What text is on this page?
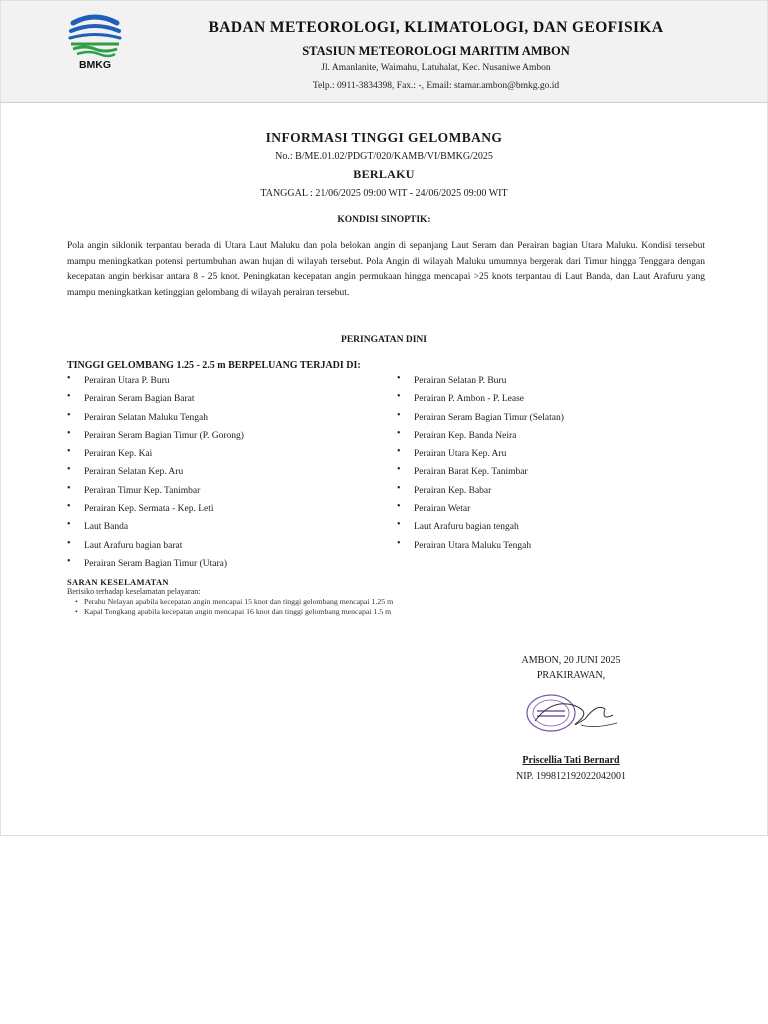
BMKG
BADAN METEOROLOGI, KLIMATOLOGI, DAN GEOFISIKA
STASIUN METEOROLOGI MARITIM AMBON
Jl. Amanlanite, Waimahu, Latuhalat, Kec. Nusaniwe Ambon
Telp.: 0911-3834398, Fax.: -, Email: stamar.ambon@bmkg.go.id
INFORMASI TINGGI GELOMBANG
No.: B/ME.01.02/PDGT/020/KAMB/VI/BMKG/2025
BERLAKU
TANGGAL : 21/06/2025 09:00 WIT - 24/06/2025 09:00 WIT
KONDISI SINOPTIK:
Pola angin siklonik terpantau berada di Utara Laut Maluku dan pola belokan angin di sepanjang Laut Seram dan Perairan bagian Utara Maluku. Kondisi tersebut mampu meningkatkan potensi pertumbuhan awan hujan di wilayah tersebut. Pola Angin di wilayah Maluku umumnya bergerak dari Timur hingga Tenggara dengan kecepatan angin berkisar antara 8 - 25 knot. Peningkatan kecepatan angin permukaan hingga mencapai >25 knots terpantau di Laut Banda, dan Laut Arafuru yang mampu meningkatkan ketinggian gelombang di wilayah perairan tersebut.
PERINGATAN DINI
TINGGI GELOMBANG 1.25 - 2.5 m BERPELUANG TERJADI DI:
• Perairan Utara P. Buru
• Perairan Seram Bagian Barat
• Perairan Selatan Maluku Tengah
• Perairan Seram Bagian Timur (P. Gorong)
• Perairan Kep. Kai
• Perairan Selatan Kep. Aru
• Perairan Timur Kep. Tanimbar
• Perairan Kep. Sermata - Kep. Leti
• Laut Banda
• Laut Arafuru bagian barat
• Perairan Seram Bagian Timur (Utara)
• Perairan Selatan P. Buru
• Perairan P. Ambon - P. Lease
• Perairan Seram Bagian Timur (Selatan)
• Perairan Kep. Banda Neira
• Perairan Utara Kep. Aru
• Perairan Barat Kep. Tanimbar
• Perairan Kep. Babar
• Perairan Wetar
• Laut Arafuru bagian tengah
• Perairan Utara Maluku Tengah
SARAN KESELAMATAN
Berisiko terhadap keselamatan pelayaran:
• Perahu Nelayan apabila kecepatan angin mencapai 15 knot dan tinggi gelombang mencapai 1.25 m
• Kapal Tongkang apabila kecepatan angin mencapai 16 knot dan tinggi gelombang mencapai 1.5 m
AMBON, 20 JUNI 2025
PRAKIRAWAN,
Priscellia Tati Bernard
NIP. 199812192022042001
